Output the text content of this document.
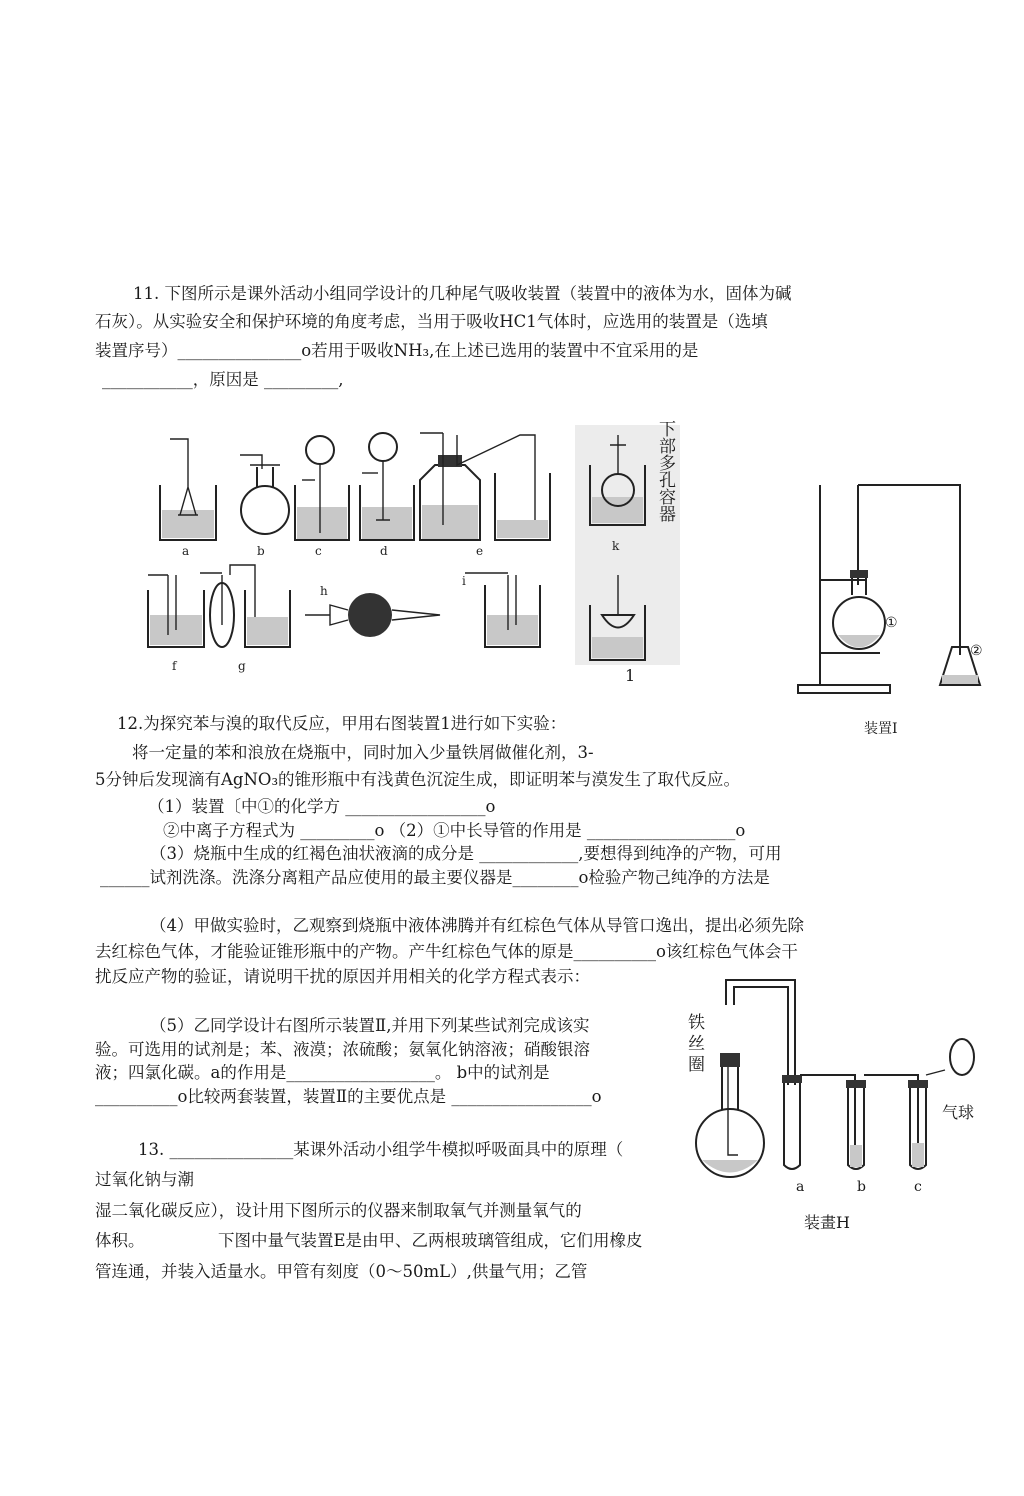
11. 下图所示是课外活动小组同学设计的几种尾气吸收装置（装置中的液体为水，固体为碱
石灰）。从实验安全和保护环境的角度考虑，当用于吸收HC1气体时，应选用的装置是（选填
装置序号）_______________o若用于吸收NH₃,在上述已选用的装置中不宜采用的是
___________，原因是 _________,
a	b	c	d	e
f	g
h
i
k
下部多孔容器
1
①
②
装置Ⅰ
12.为探究苯与溴的取代反应，甲用右图装置1进行如下实验：
将一定量的苯和浪放在烧瓶中，同时加入少量铁屑做催化剂，3-
5分钟后发现滴有AgNO₃的锥形瓶中有浅黄色沉淀生成，即证明苯与漠发生了取代反应。
（1）装置〔中①的化学方 _________________o
②中离子方程式为 _________o （2）①中长导管的作用是 __________________o
（3）烧瓶中生成的红褐色油状液滴的成分是 ____________,要想得到纯净的产物，可用
______试剂洗涤。洗涤分离粗产品应使用的最主要仪器是________o检验产物己纯净的方法是
（4）甲做实验时，乙观察到烧瓶中液体沸腾并有红棕色气体从导管口逸出，提出必须先除
去红棕色气体，才能验证锥形瓶中的产物。产牛红棕色气体的原是__________o该红棕色气体会干
扰反应产物的验证，请说明干扰的原因并用相关的化学方程式表示：
（5）乙同学设计右图所示装置Ⅱ,并用下列某些试剂完成该实
验。可选用的试剂是；苯、液漠；浓硫酸；氨氧化钠溶液；硝酸银溶
液；四氯化碳。a的作用是__________________。 b中的试剂是
__________o比较两套装置，装置Ⅱ的主要优点是 _________________o
铁
丝
圈
气球
a	b	c
装畫H
13. _______________某课外活动小组学牛模拟呼吸面具中的原理（
过氧化钠与潮
湿二氧化碳反应），设计用下图所示的仪器来制取氧气并测量氧气的
体积。	下图中量气装置E是由甲、乙两根玻璃管组成，它们用橡皮
管连通，并装入适量水。甲管有刻度（0～50mL）,供量气用；乙管
